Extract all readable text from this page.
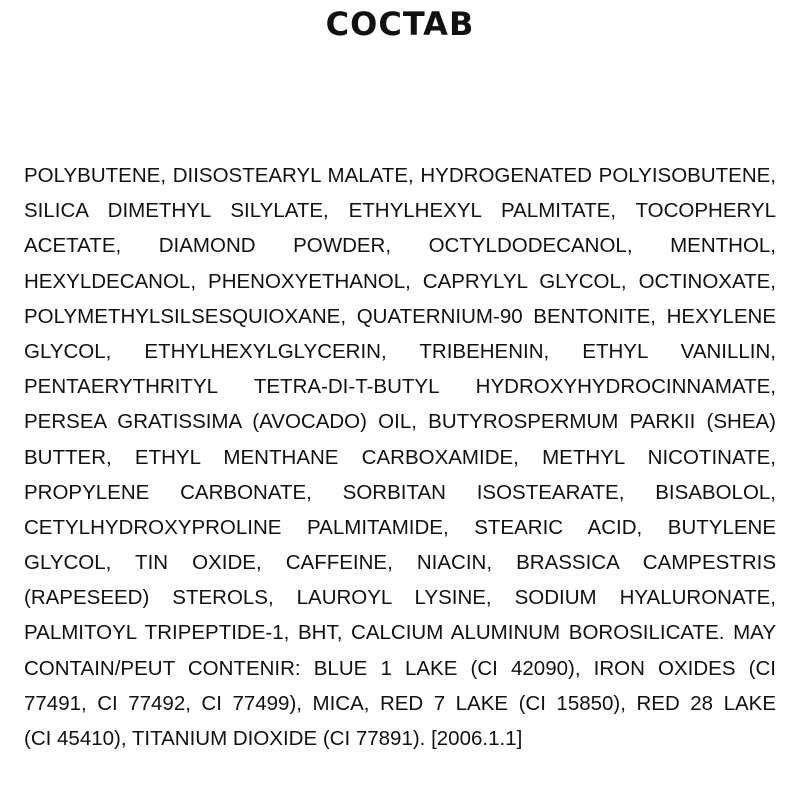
COCTAB
POLYBUTENE, DIISOSTEARYL MALATE, HYDROGENATED POLYISOBUTENE,
SILICA DIMETHYL SILYLATE, ETHYLHEXYL PALMITATE, TOCOPHERYL
ACETATE, DIAMOND POWDER, OCTYLDODECANOL, MENTHOL,
HEXYLDECANOL, PHENOXYETHANOL, CAPRYLYL GLYCOL, OCTINOXATE,
POLYMETHYLSILSESQUIOXANE, QUATERNIUM-90 BENTONITE, HEXYLENE
GLYCOL, ETHYLHEXYLGLYCERIN, TRIBEHENIN, ETHYL VANILLIN,
PENTAERYTHRITYL TETRA-DI-T-BUTYL HYDROXYHYDROCINNAMATE,
PERSEA GRATISSIMA (AVOCADO) OIL, BUTYROSPERMUM PARKII (SHEA)
BUTTER, ETHYL MENTHANE CARBOXAMIDE, METHYL NICOTINATE,
PROPYLENE CARBONATE, SORBITAN ISOSTEARATE, BISABOLOL,
CETYLHYDROXYPROLINE PALMITAMIDE, STEARIC ACID, BUTYLENE
GLYCOL, TIN OXIDE, CAFFEINE, NIACIN, BRASSICA CAMPESTRIS
(RAPESEED) STEROLS, LAUROYL LYSINE, SODIUM HYALURONATE,
PALMITOYL TRIPEPTIDE-1, BHT, CALCIUM ALUMINUM BOROSILICATE. MAY
CONTAIN/PEUT CONTENIR: BLUE 1 LAKE (CI 42090), IRON OXIDES (CI
77491, CI 77492, CI 77499), MICA, RED 7 LAKE (CI 15850), RED 28 LAKE
(CI 45410), TITANIUM DIOXIDE (CI 77891). [2006.1.1]
